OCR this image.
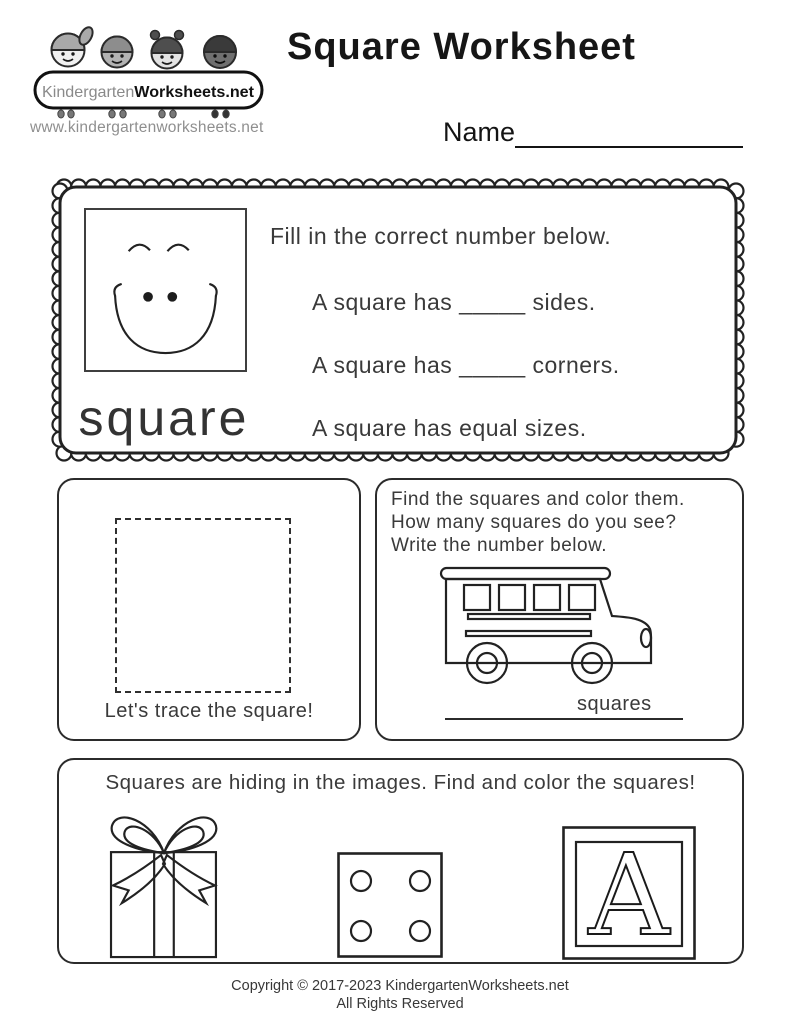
KindergartenWorksheets.net
www.kindergartenworksheets.net
Square Worksheet
Name
square
Fill in the correct number below.
A square has _____ sides.
A square has _____ corners.
A square has equal sizes.
Let's trace the square!
Find the squares and color them.
How many squares do you see?
Write the number below.
squares
Squares are hiding in the images. Find and color the squares!
A
Copyright © 2017-2023 KindergartenWorksheets.net
All Rights Reserved
